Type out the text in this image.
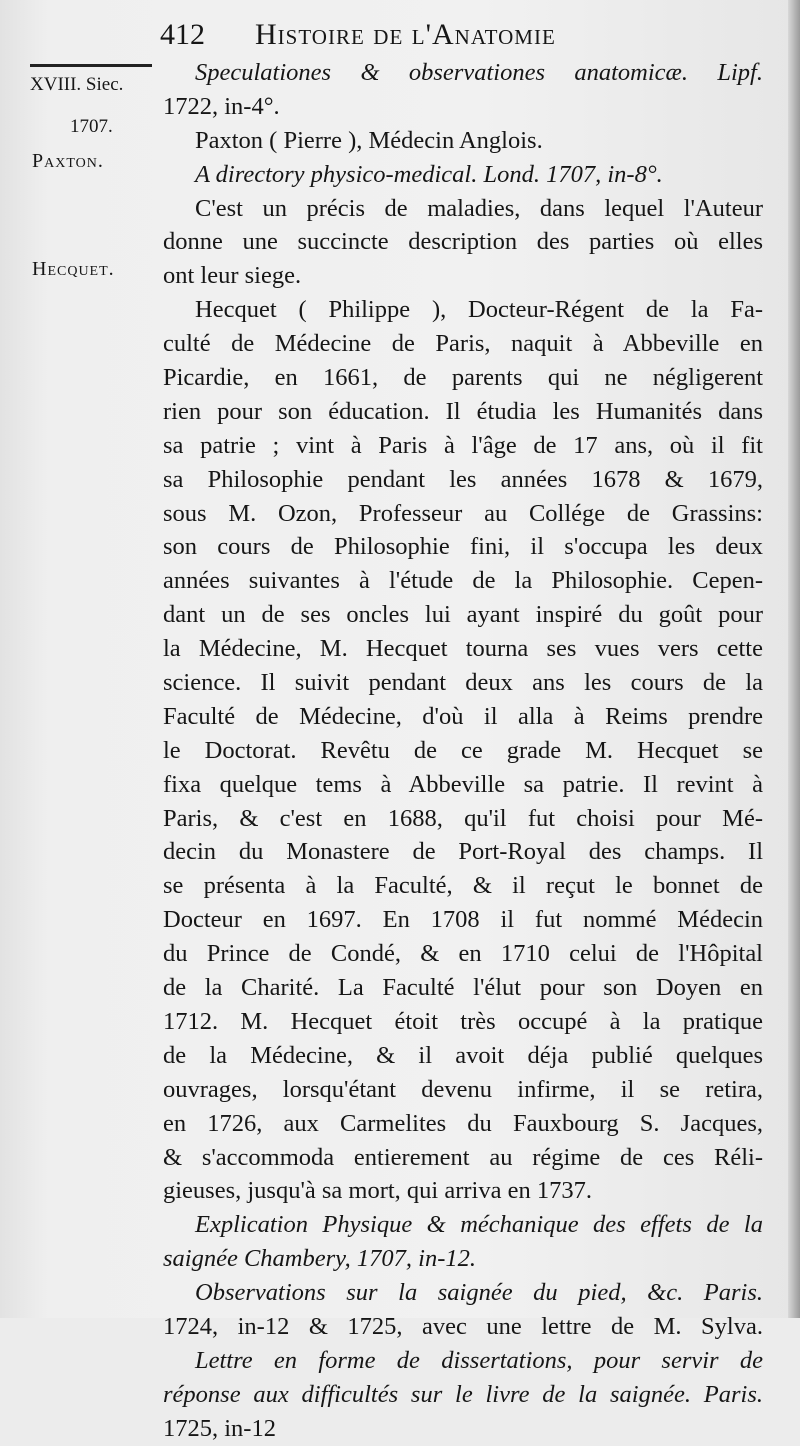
412 Histoire de l'Anatomie
XVIII. Siec.
1707.
Paxton.
Hecquet.
Speculationes & observationes anatomicæ. Lipf.
1722, in-4°.
Paxton ( Pierre ), Médecin Anglois.
A directory physico-medical. Lond. 1707, in-8°.
C'est un précis de maladies, dans lequel l'Auteur
donne une succincte description des parties où elles
ont leur siege.
Hecquet ( Philippe ), Docteur-Régent de la Fa-
culté de Médecine de Paris, naquit à Abbeville en
Picardie, en 1661, de parents qui ne négligerent
rien pour son éducation. Il étudia les Humanités dans
sa patrie ; vint à Paris à l'âge de 17 ans, où il fit
sa Philosophie pendant les années 1678 & 1679,
sous M. Ozon, Professeur au Collége de Grassins:
son cours de Philosophie fini, il s'occupa les deux
années suivantes à l'étude de la Philosophie. Cepen-
dant un de ses oncles lui ayant inspiré du goût pour
la Médecine, M. Hecquet tourna ses vues vers cette
science. Il suivit pendant deux ans les cours de la
Faculté de Médecine, d'où il alla à Reims prendre
le Doctorat. Revêtu de ce grade M. Hecquet se
fixa quelque tems à Abbeville sa patrie. Il revint à
Paris, & c'est en 1688, qu'il fut choisi pour Mé-
decin du Monastere de Port-Royal des champs. Il
se présenta à la Faculté, & il reçut le bonnet de
Docteur en 1697. En 1708 il fut nommé Médecin
du Prince de Condé, & en 1710 celui de l'Hôpital
de la Charité. La Faculté l'élut pour son Doyen en
1712. M. Hecquet étoit très occupé à la pratique
de la Médecine, & il avoit déja publié quelques
ouvrages, lorsqu'étant devenu infirme, il se retira,
en 1726, aux Carmelites du Fauxbourg S. Jacques,
& s'accommoda entierement au régime de ces Réli-
gieuses, jusqu'à sa mort, qui arriva en 1737.
Explication Physique & méchanique des effets de la
saignée Chambery, 1707, in-12.
Observations sur la saignée du pied, &c. Paris.
1724, in-12 & 1725, avec une lettre de M. Sylva.
Lettre en forme de dissertations, pour servir de
réponse aux difficultés sur le livre de la saignée. Paris.
1725, in-12
